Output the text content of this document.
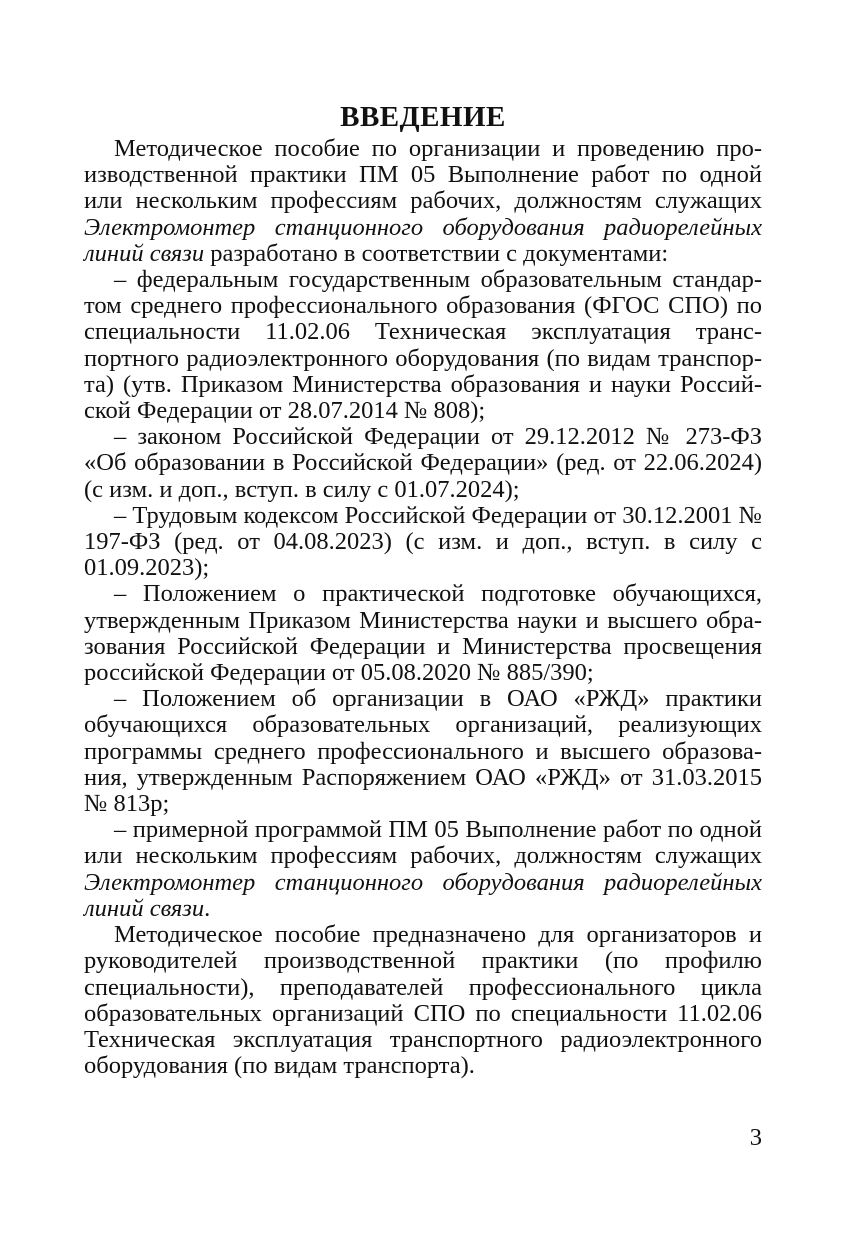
ВВЕДЕНИЕ

Методическое пособие по организации и проведению производственной практики ПМ 05 Выполнение работ по одной или нескольким профессиям рабочих, должностям служащих Электромонтер станционного оборудования радиорелейных линий связи разработано в соответствии с документами:

– федеральным государственным образовательным стандартом среднего профессионального образования (ФГОС СПО) по специальности 11.02.06 Техническая эксплуатация транспортного радиоэлектронного оборудования (по видам транспорта) (утв. Приказом Министерства образования и науки Российской Федерации от 28.07.2014 № 808);

– законом Российской Федерации от 29.12.2012 № 273-ФЗ «Об образовании в Российской Федерации» (ред. от 22.06.2024) (с изм. и доп., вступ. в силу с 01.07.2024);

– Трудовым кодексом Российской Федерации от 30.12.2001 № 197-ФЗ (ред. от 04.08.2023) (с изм. и доп., вступ. в силу с 01.09.2023);

– Положением о практической подготовке обучающихся, утвержденным Приказом Министерства науки и высшего образования Российской Федерации и Министерства просвещения российской Федерации от 05.08.2020 № 885/390;

– Положением об организации в ОАО «РЖД» практики обучающихся образовательных организаций, реализующих программы среднего профессионального и высшего образования, утвержденным Распоряжением ОАО «РЖД» от 31.03.2015 № 813р;

– примерной программой ПМ 05 Выполнение работ по одной или нескольким профессиям рабочих, должностям служащих Электромонтер станционного оборудования радиорелейных линий связи.

Методическое пособие предназначено для организаторов и руководителей производственной практики (по профилю специальности), преподавателей профессионального цикла образовательных организаций СПО по специальности 11.02.06 Техническая эксплуатация транспортного радиоэлектронного оборудования (по видам транспорта).

3
